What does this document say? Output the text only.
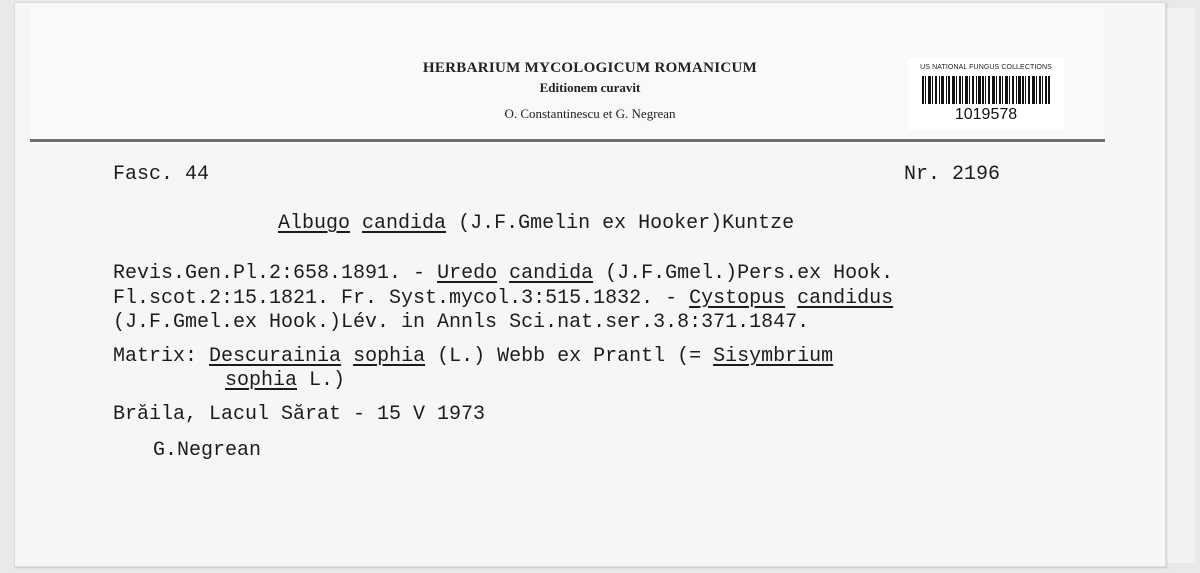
HERBARIUM MYCOLOGICUM ROMANICUM
Editionem curavit
O. Constantinescu et G. Negrean
US NATIONAL FUNGUS COLLECTIONS
1019578
Fasc. 44	Nr. 2196
Albugo candida (J.F.Gmelin ex Hooker)Kuntze
Revis.Gen.Pl.2:658.1891. - Uredo candida (J.F.Gmel.)Pers.ex Hook.
Fl.scot.2:15.1821. Fr. Syst.mycol.3:515.1832. - Cystopus candidus
(J.F.Gmel.ex Hook.)Lév. in Annls Sci.nat.ser.3.8:371.1847.
Matrix: Descurainia sophia (L.) Webb ex Prantl (= Sisymbrium
sophia L.)
Brăila, Lacul Sărat - 15 V 1973
G.Negrean
